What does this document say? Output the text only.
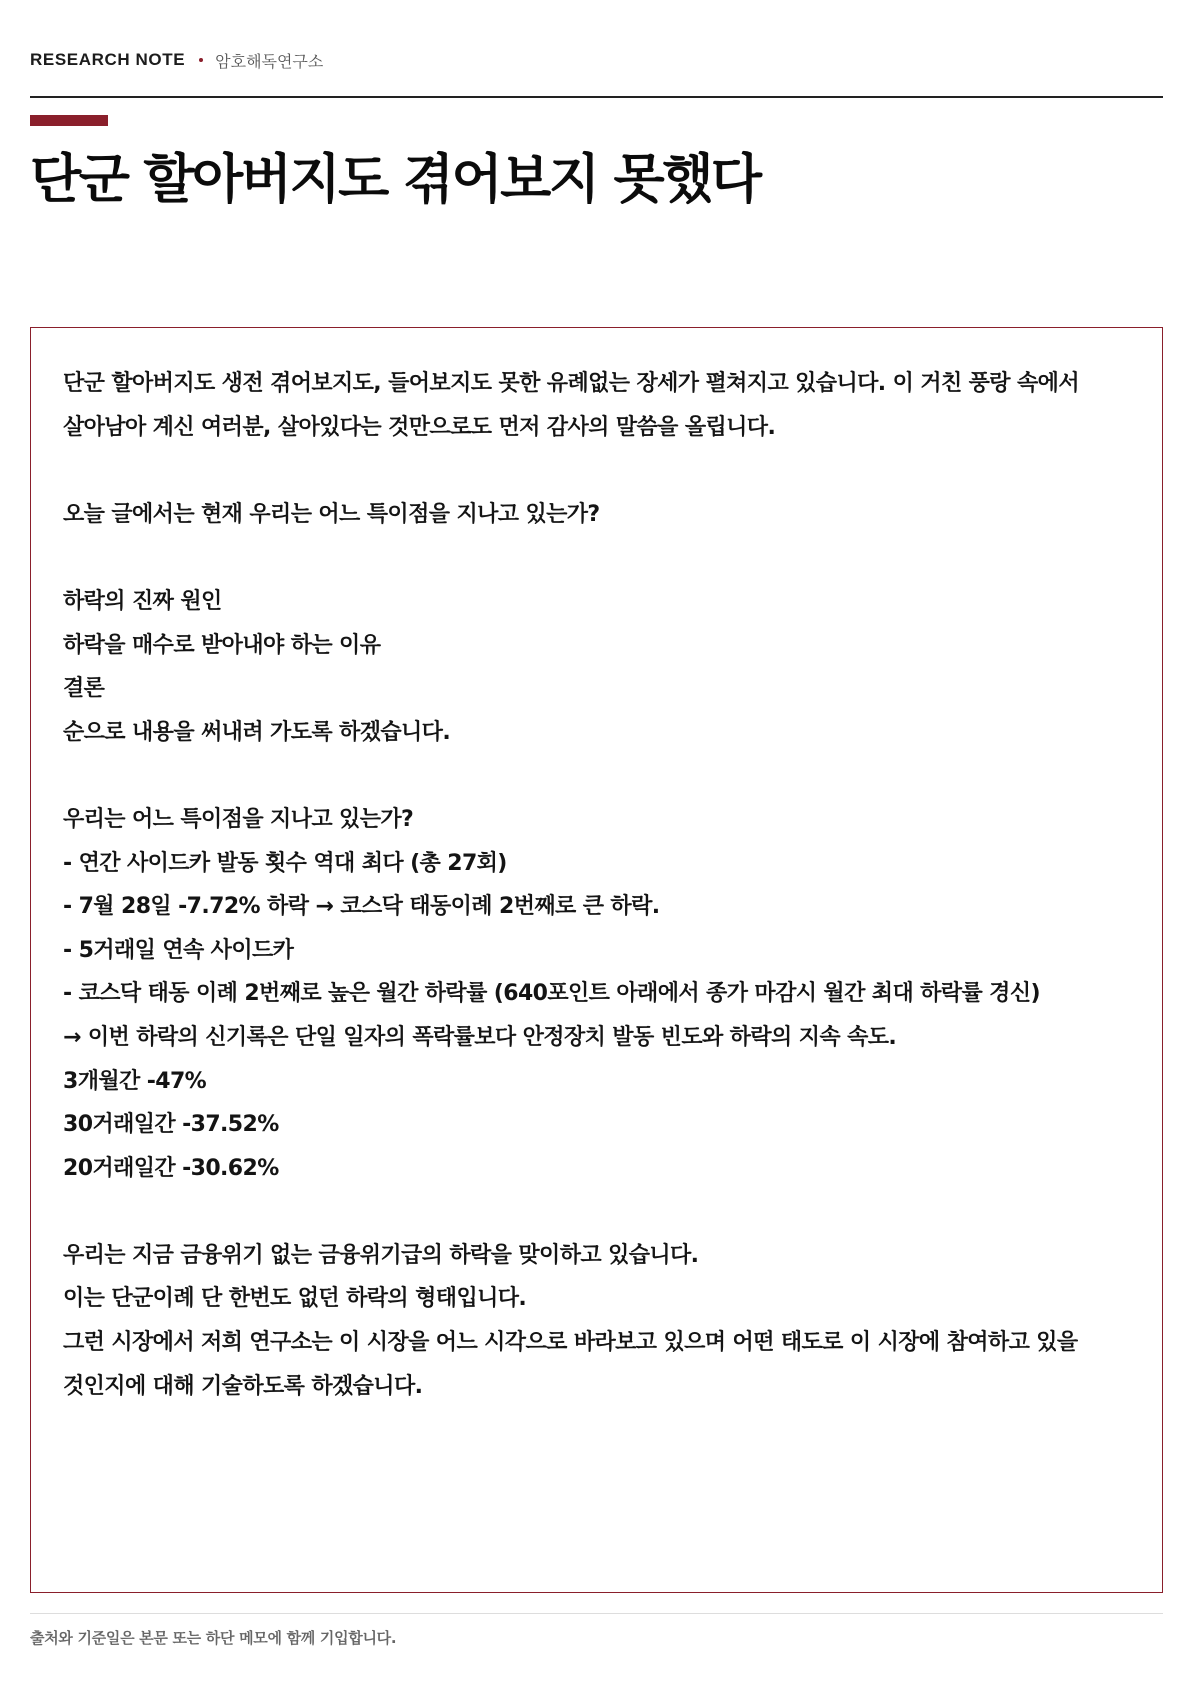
RESEARCH NOTE 암호해독연구소
단군 할아버지도 겪어보지 못했다
단군 할아버지도 생전 겪어보지도, 들어보지도 못한 유례없는 장세가 펼쳐지고 있습니다. 이 거친 풍랑 속에서
살아남아 계신 여러분, 살아있다는 것만으로도 먼저 감사의 말씀을 올립니다.
오늘 글에서는 현재 우리는 어느 특이점을 지나고 있는가?
하락의 진짜 원인
하락을 매수로 받아내야 하는 이유
결론
순으로 내용을 써내려 가도록 하겠습니다.
우리는 어느 특이점을 지나고 있는가?
- 연간 사이드카 발동 횟수 역대 최다 (총 27회)
- 7월 28일 -7.72% 하락 → 코스닥 태동이례 2번째로 큰 하락.
- 5거래일 연속 사이드카
- 코스닥 태동 이례 2번째로 높은 월간 하락률 (640포인트 아래에서 종가 마감시 월간 최대 하락률 경신)
→ 이번 하락의 신기록은 단일 일자의 폭락률보다 안정장치 발동 빈도와 하락의 지속 속도.
3개월간 -47%
30거래일간 -37.52%
20거래일간 -30.62%
우리는 지금 금융위기 없는 금융위기급의 하락을 맞이하고 있습니다.
이는 단군이례 단 한번도 없던 하락의 형태입니다.
그런 시장에서 저희 연구소는 이 시장을 어느 시각으로 바라보고 있으며 어떤 태도로 이 시장에 참여하고 있을
것인지에 대해 기술하도록 하겠습니다.
출처와 기준일은 본문 또는 하단 메모에 함께 기입합니다.
